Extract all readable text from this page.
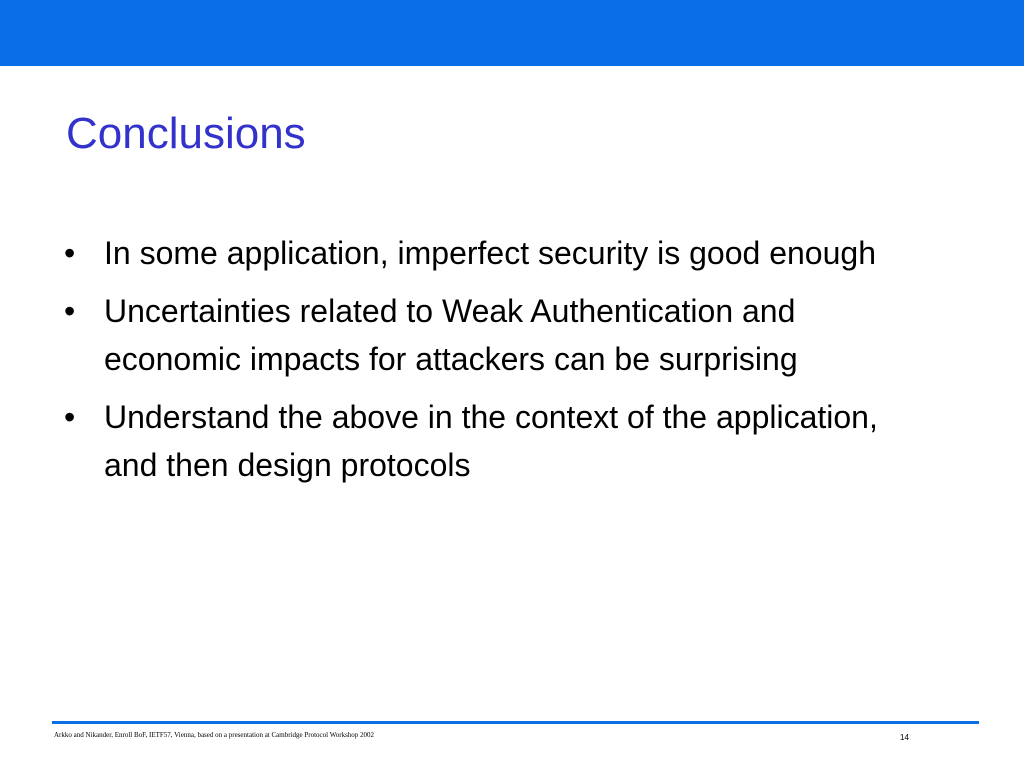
Conclusions
• In some application, imperfect security is good enough
• Uncertainties related to Weak Authentication and economic impacts for attackers can be surprising
• Understand the above in the context of the application, and then design protocols
Arkko and Nikander, Enroll BoF, IETF57, Vienna, based on a presentation at Cambridge Protocol Workshop 2002	14
